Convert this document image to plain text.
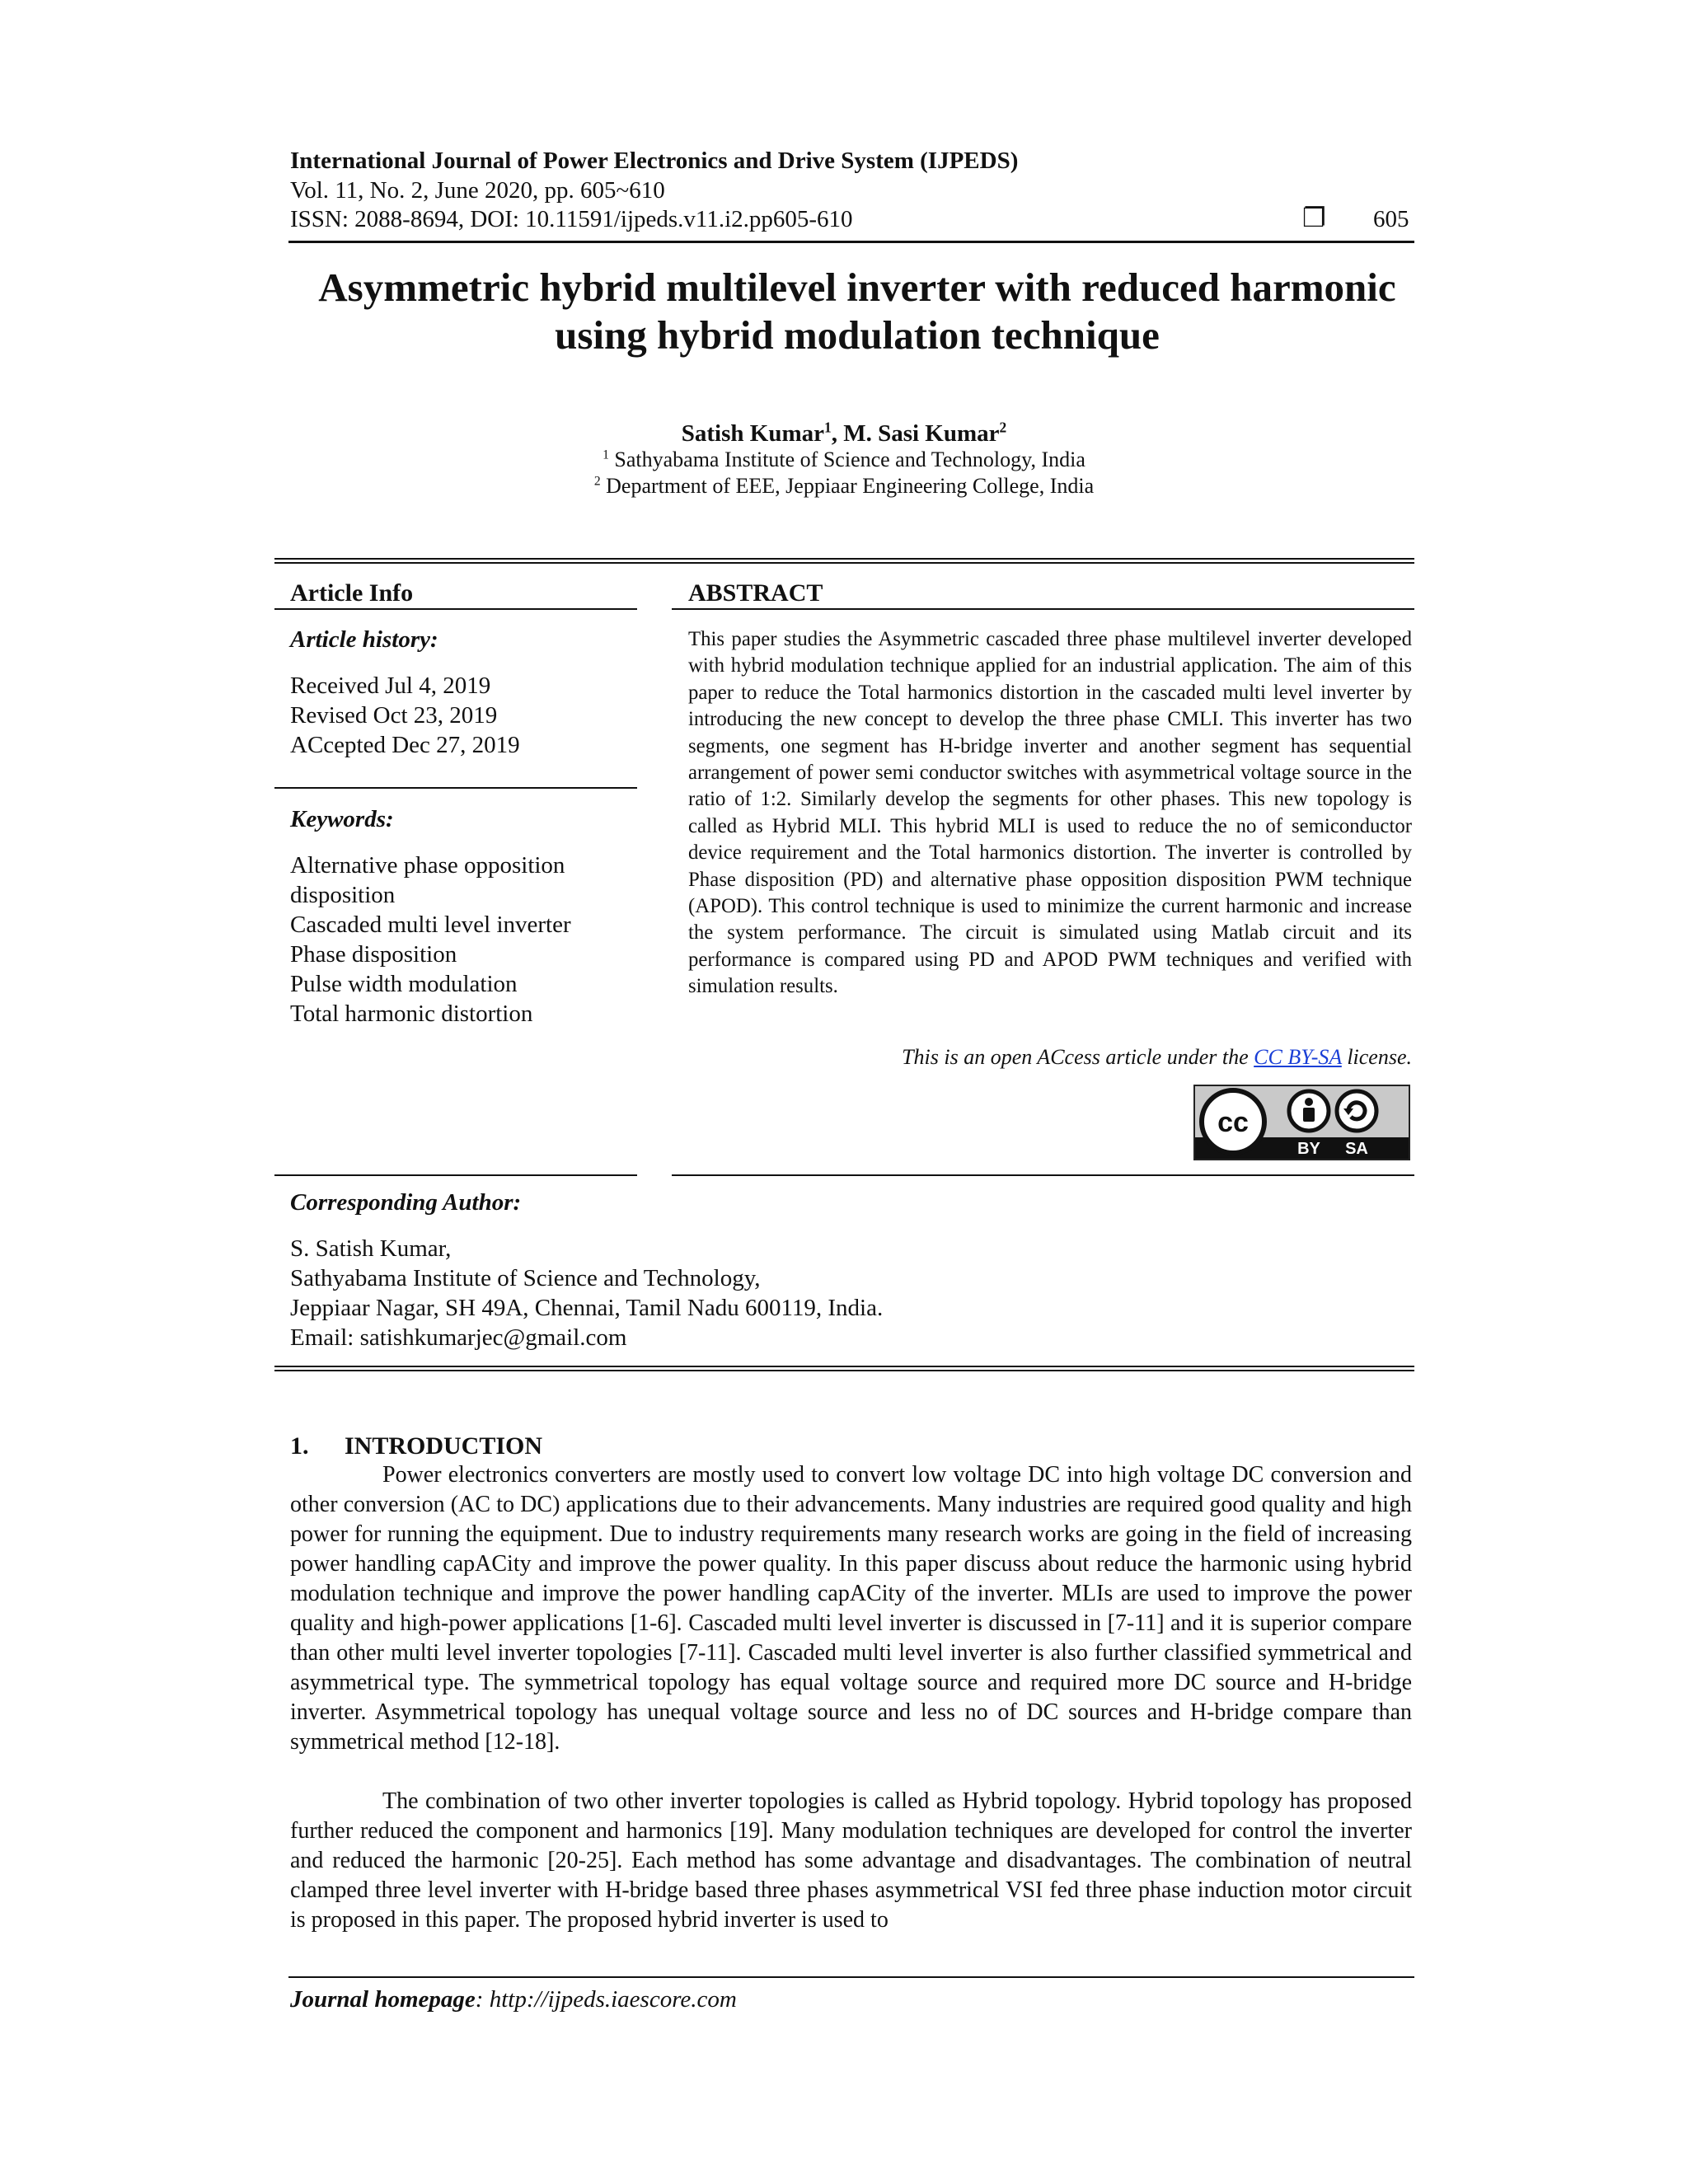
International Journal of Power Electronics and Drive System (IJPEDS)
Vol. 11, No. 2, June 2020, pp. 605~610
ISSN: 2088-8694, DOI: 10.11591/ijpeds.v11.i2.pp605-610	❐ 605
Asymmetric hybrid multilevel inverter with reduced harmonic using hybrid modulation technique
Satish Kumar$^1$, M. Sasi Kumar$^2$
$^1$ Sathyabama Institute of Science and Technology, India
$^2$ Department of EEE, Jeppiaar Engineering College, India
Article Info
Article history:
Received Jul 4, 2019
Revised Oct 23, 2019
ACcepted Dec 27, 2019
Keywords:
Alternative phase opposition
disposition
Cascaded multi level inverter
Phase disposition
Pulse width modulation
Total harmonic distortion
ABSTRACT
This paper studies the Asymmetric cascaded three phase multilevel inverter developed with hybrid modulation technique applied for an industrial application. The aim of this paper to reduce the Total harmonics distortion in the cascaded multi level inverter by introducing the new concept to develop the three phase CMLI. This inverter has two segments, one segment has H-bridge inverter and another segment has sequential arrangement of power semi conductor switches with asymmetrical voltage source in the ratio of 1:2. Similarly develop the segments for other phases. This new topology is called as Hybrid MLI. This hybrid MLI is used to reduce the no of semiconductor device requirement and the Total harmonics distortion. The inverter is controlled by Phase disposition (PD) and alternative phase opposition disposition PWM technique (APOD). This control technique is used to minimize the current harmonic and increase the system performance. The circuit is simulated using Matlab circuit and its performance is compared using PD and APOD PWM techniques and verified with simulation results.
This is an open ACcess article under the CC BY-SA license.
cc
BY SA
Corresponding Author:
S. Satish Kumar,
Sathyabama Institute of Science and Technology,
Jeppiaar Nagar, SH 49A, Chennai, Tamil Nadu 600119, India.
Email: satishkumarjec@gmail.com
1. INTRODUCTION
Power electronics converters are mostly used to convert low voltage DC into high voltage DC conversion and other conversion (AC to DC) applications due to their advancements. Many industries are required good quality and high power for running the equipment. Due to industry requirements many research works are going in the field of increasing power handling capACity and improve the power quality. In this paper discuss about reduce the harmonic using hybrid modulation technique and improve the power handling capACity of the inverter. MLIs are used to improve the power quality and high-power applications [1-6]. Cascaded multi level inverter is discussed in [7-11] and it is superior compare than other multi level inverter topologies [7-11]. Cascaded multi level inverter is also further classified symmetrical and asymmetrical type. The symmetrical topology has equal voltage source and required more DC source and H-bridge inverter. Asymmetrical topology has unequal voltage source and less no of DC sources and H-bridge compare than symmetrical method [12-18].
The combination of two other inverter topologies is called as Hybrid topology. Hybrid topology has proposed further reduced the component and harmonics [19]. Many modulation techniques are developed for control the inverter and reduced the harmonic [20-25]. Each method has some advantage and disadvantages. The combination of neutral clamped three level inverter with H-bridge based three phases asymmetrical VSI fed three phase induction motor circuit is proposed in this paper. The proposed hybrid inverter is used to
Journal homepage: http://ijpeds.iaescore.com
